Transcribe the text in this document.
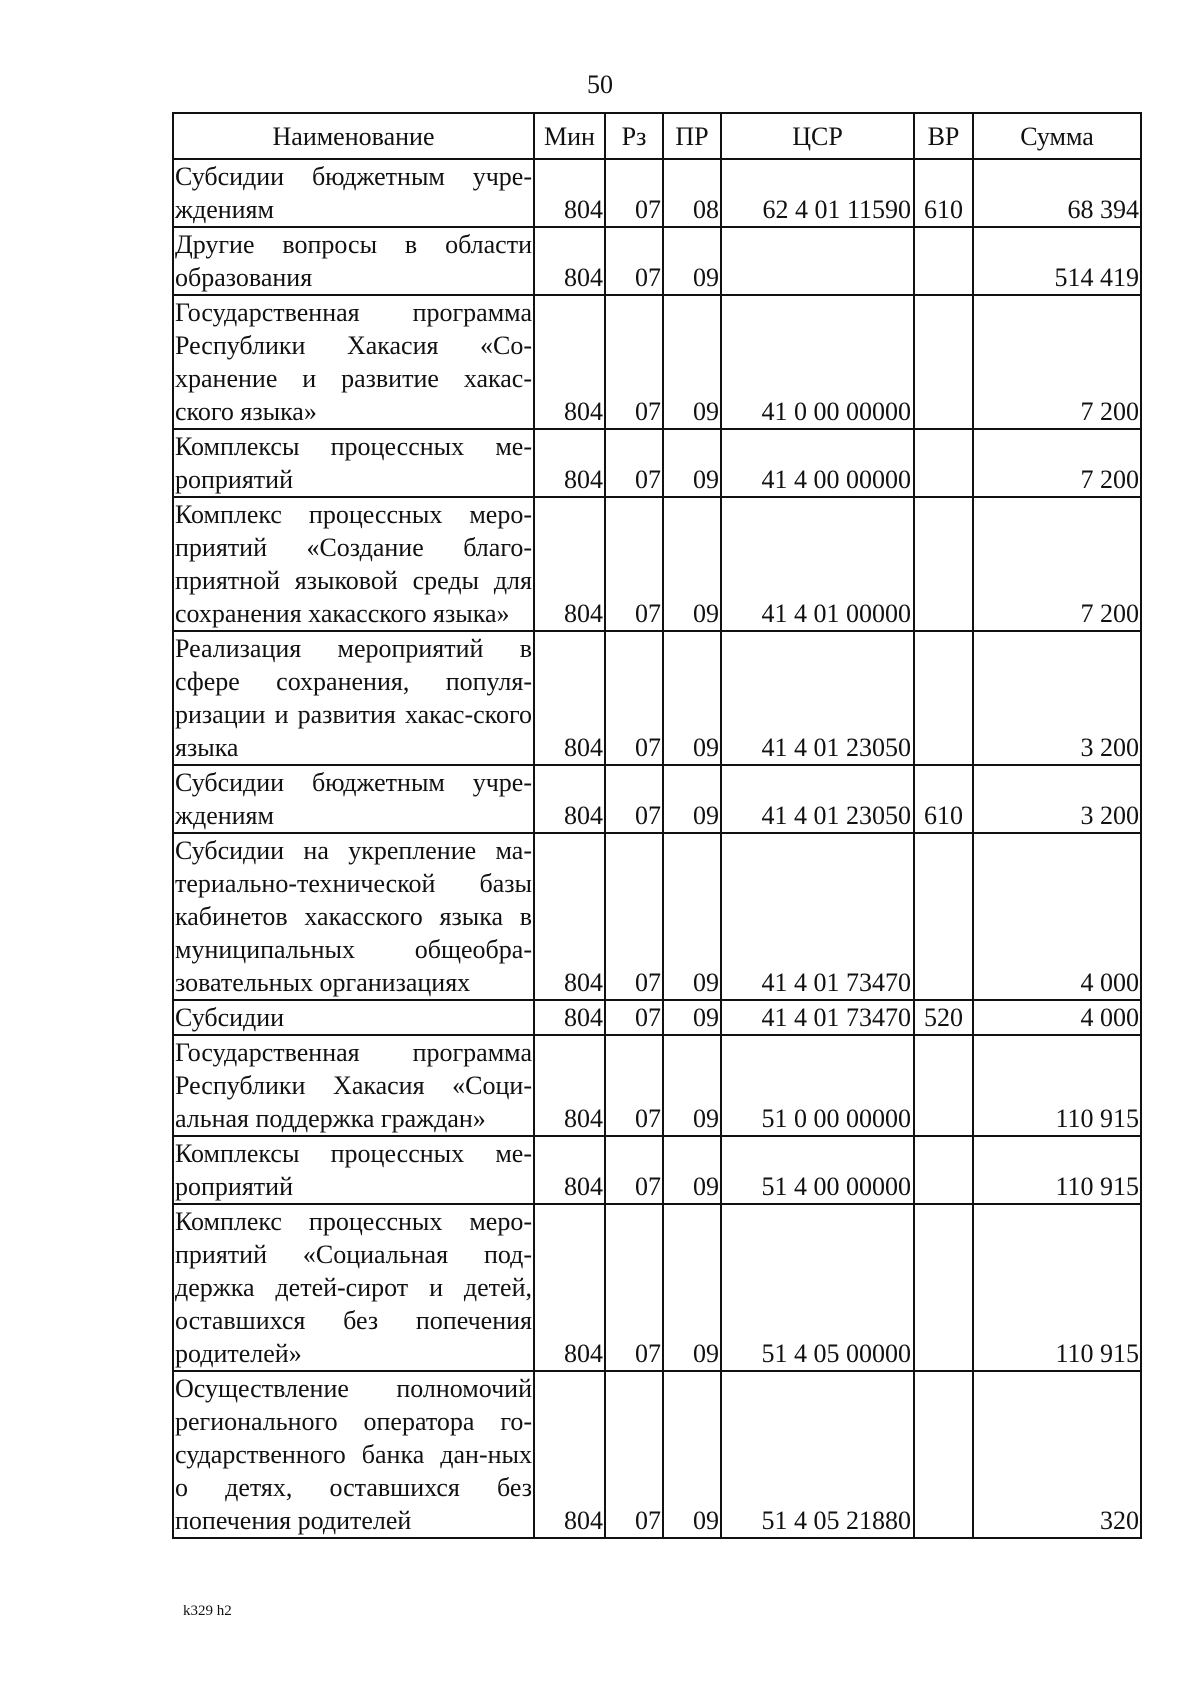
50
Наименование	Мин	Рз	ПР	ЦСР	ВР	Сумма
Субсидии бюджетным учре-ждениям	804	07	08	62 4 01 11590	610	68 394
Другие вопросы в области образования	804	07	09			514 419
Государственная программа Республики Хакасия «Со-хранение и развитие хакас-ского языка»	804	07	09	41 0 00 00000		7 200
Комплексы процессных ме-роприятий	804	07	09	41 4 00 00000		7 200
Комплекс процессных меро-приятий «Создание благо-приятной языковой среды для сохранения хакасского языка»	804	07	09	41 4 01 00000		7 200
Реализация мероприятий в сфере сохранения, популя-ризации и развития хакас-ского языка	804	07	09	41 4 01 23050		3 200
Субсидии бюджетным учре-ждениям	804	07	09	41 4 01 23050	610	3 200
Субсидии на укрепление ма-териально-технической базы кабинетов хакасского языка в муниципальных общеобра-зовательных организациях	804	07	09	41 4 01 73470		4 000
Субсидии	804	07	09	41 4 01 73470	520	4 000
Государственная программа Республики Хакасия «Соци-альная поддержка граждан»	804	07	09	51 0 00 00000		110 915
Комплексы процессных ме-роприятий	804	07	09	51 4 00 00000		110 915
Комплекс процессных меро-приятий «Социальная под-держка детей-сирот и детей, оставшихся без попечения родителей»	804	07	09	51 4 05 00000		110 915
Осуществление полномочий регионального оператора го-сударственного банка дан-ных о детях, оставшихся без попечения родителей	804	07	09	51 4 05 21880		320
k329 h2
